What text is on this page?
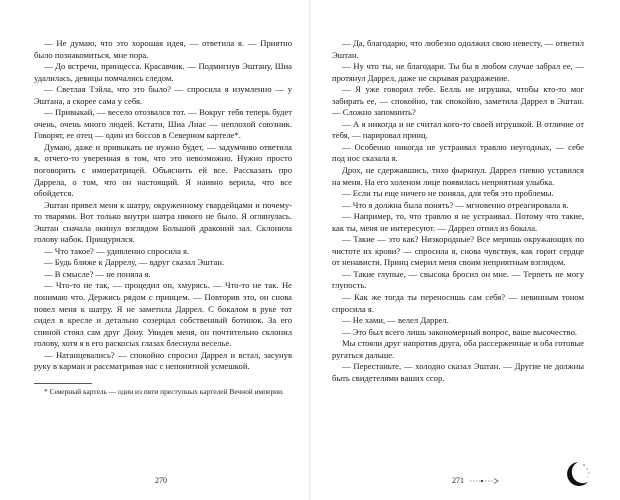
— Не думаю, что это хорошая идея, — ответила я. — Приятно было познакомиться, мне пора.

— До встречи, принцесса. Красавчик. — Подмигнув Эштану, Шиа удалилась, девицы помчались следом.

— Светлая Тэйла, что это было? — спросила я изумленно — у Эштана, а скорее сама у себя.

— Привыкай, — весело отозвался тот. — Вокруг тебя теперь будет очень, очень много людей. Кстати, Шиа Лнас — неплохой союзник. Говорят, ее отец — один из боссов в Северном картеле*.

Думаю, даже и привыкать не нужно будет, — задумчиво ответила я, отчего-то уверенная в том, что это невозможно. Нужно просто поговорить с императрицей. Объяснить ей все. Рассказать про Даррела, о том, что он настоящий. Я наивно верила, что все обойдется.

Эштан привел меня к шатру, окруженному гвардейцами и почему-то тварями. Вот только внутри шатра никого не было. Я оглянулась. Эштан сначала окинул взглядом Большой драконий зал. Склонила голову набок. Прищурился.

— Что такое? — удивленно спросила я.

— Будь ближе к Даррелу, — вдруг сказал Эштан.

— В смысле? — не поняла я.

— Что-то не так, — процедил он, хмурясь. — Что-то не так. Не понимаю что. Держись рядом с принцем. — Повторив это, он снова повел меня к шатру. Я не заметила Даррел. С бокалом в руке тот сидел в кресле и детально созерцал собственный ботинок. За его спиной стоял сам друг Дону. Увидев меня, он почтительно склонил голову, хотя я в его раскосых глазах блеснула веселье.

— Натанцевались? — спокойно спросил Даррел и встал, засунув руку в карман и рассматривая нас с непонятной усмешкой.

* Северный картель — один из пяти преступных картелей Вечной империи.

— Да, благодарю, что любезно одолжил свою невесту, — ответил Эштан.

— Ну что ты, не благодари. Ты бы в любом случае забрал ее, — протянул Даррел, даже не скрывая раздражение.

— Я уже говорил тебе. Белль не игрушка, чтобы кто-то мог забирать ее, — спокойно, так спокойно, заметила Даррел в Эштан. — Сложно запомнить?

— А я никогда и не считал кого-то своей игрушкой. В отличие от тебя, — парировал принц.

— Особенно никогда не устраивал травлю неугодных, — себе под нос сказала я.

Дрох, не сдержавшись, тихо фыркнул. Даррел гневно уставился на меня. На его холеном лице появилась неприятная улыбка.

— Если ты еще ничего не поняла, для тебя это проблемы.

— Что я должна была понять? — мгновенно отреагировала я.

— Например, то, что травлю я не устраивал. Потому что такие, как ты, меня не интересуют. — Даррел отпил из бокала.

— Такие — это как? Низкородные? Все меришь окружающих по чистоте их крови? — спросила я, снова чувствуя, как горит сердце от ненависти. Принц смерил меня своим неприятным взглядом.

— Такие глупые, — свысока бросил он мне. — Терпеть не могу глупость.

— Как же тогда ты переносишь сам себя? — невинным тоном спросила я.

— Не хами, — велел Даррел.

— Это был всего лишь закономерный вопрос, ваше высочество.

Мы стояли друг напротив друга, оба рассерженные и оба готовые ругаться дальше.

— Перестаньте, — холодно сказал Эштан. — Другие не должны быть свидетелями ваших ссор.

270	271
